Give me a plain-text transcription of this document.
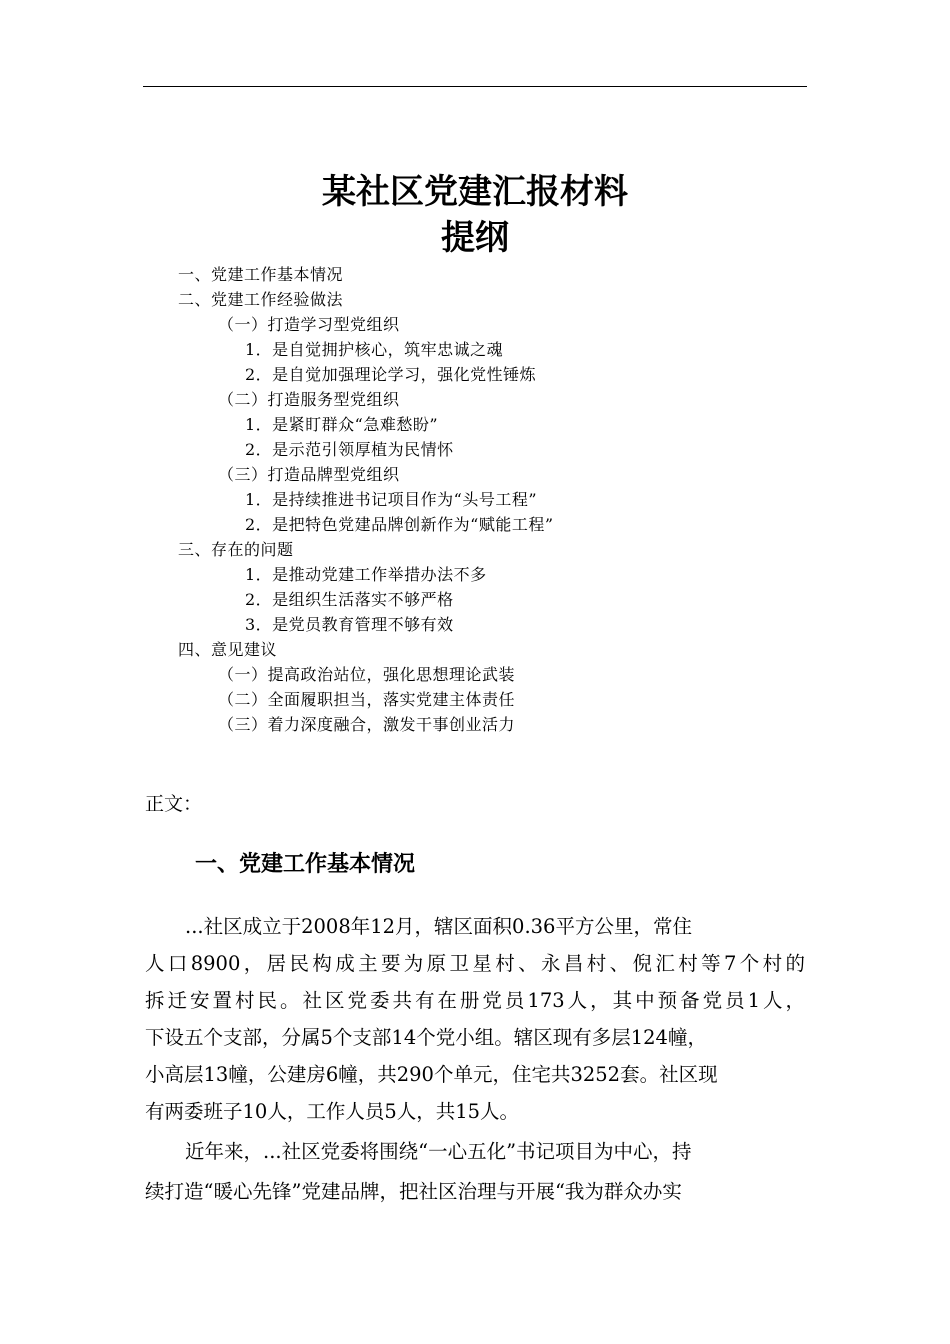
某社区党建汇报材料
提纲
一、党建工作基本情况
二、党建工作经验做法
（一）打造学习型党组织
1．是自觉拥护核心，筑牢忠诚之魂
2．是自觉加强理论学习，强化党性锤炼
（二）打造服务型党组织
1．是紧盯群众“急难愁盼”
2．是示范引领厚植为民情怀
（三）打造品牌型党组织
1．是持续推进书记项目作为“头号工程”
2．是把特色党建品牌创新作为“赋能工程”
三、存在的问题
1．是推动党建工作举措办法不多
2．是组织生活落实不够严格
3．是党员教育管理不够有效
四、意见建议
（一）提高政治站位，强化思想理论武装
（二）全面履职担当，落实党建主体责任
（三）着力深度融合，激发干事创业活力
正文：
一、党建工作基本情况
...社区成立于2008年12月，辖区面积0.36平方公里，常住
人口8900，居民构成主要为原卫星村、永昌村、倪汇村等7个村的
拆迁安置村民。社区党委共有在册党员173人，其中预备党员1人，
下设五个支部，分属5个支部14个党小组。辖区现有多层124幢，
小高层13幢，公建房6幢，共290个单元，住宅共3252套。社区现
有两委班子10人，工作人员5人，共15人。
近年来，...社区党委将围绕“一心五化”书记项目为中心，持
续打造“暖心先锋”党建品牌，把社区治理与开展“我为群众办实
